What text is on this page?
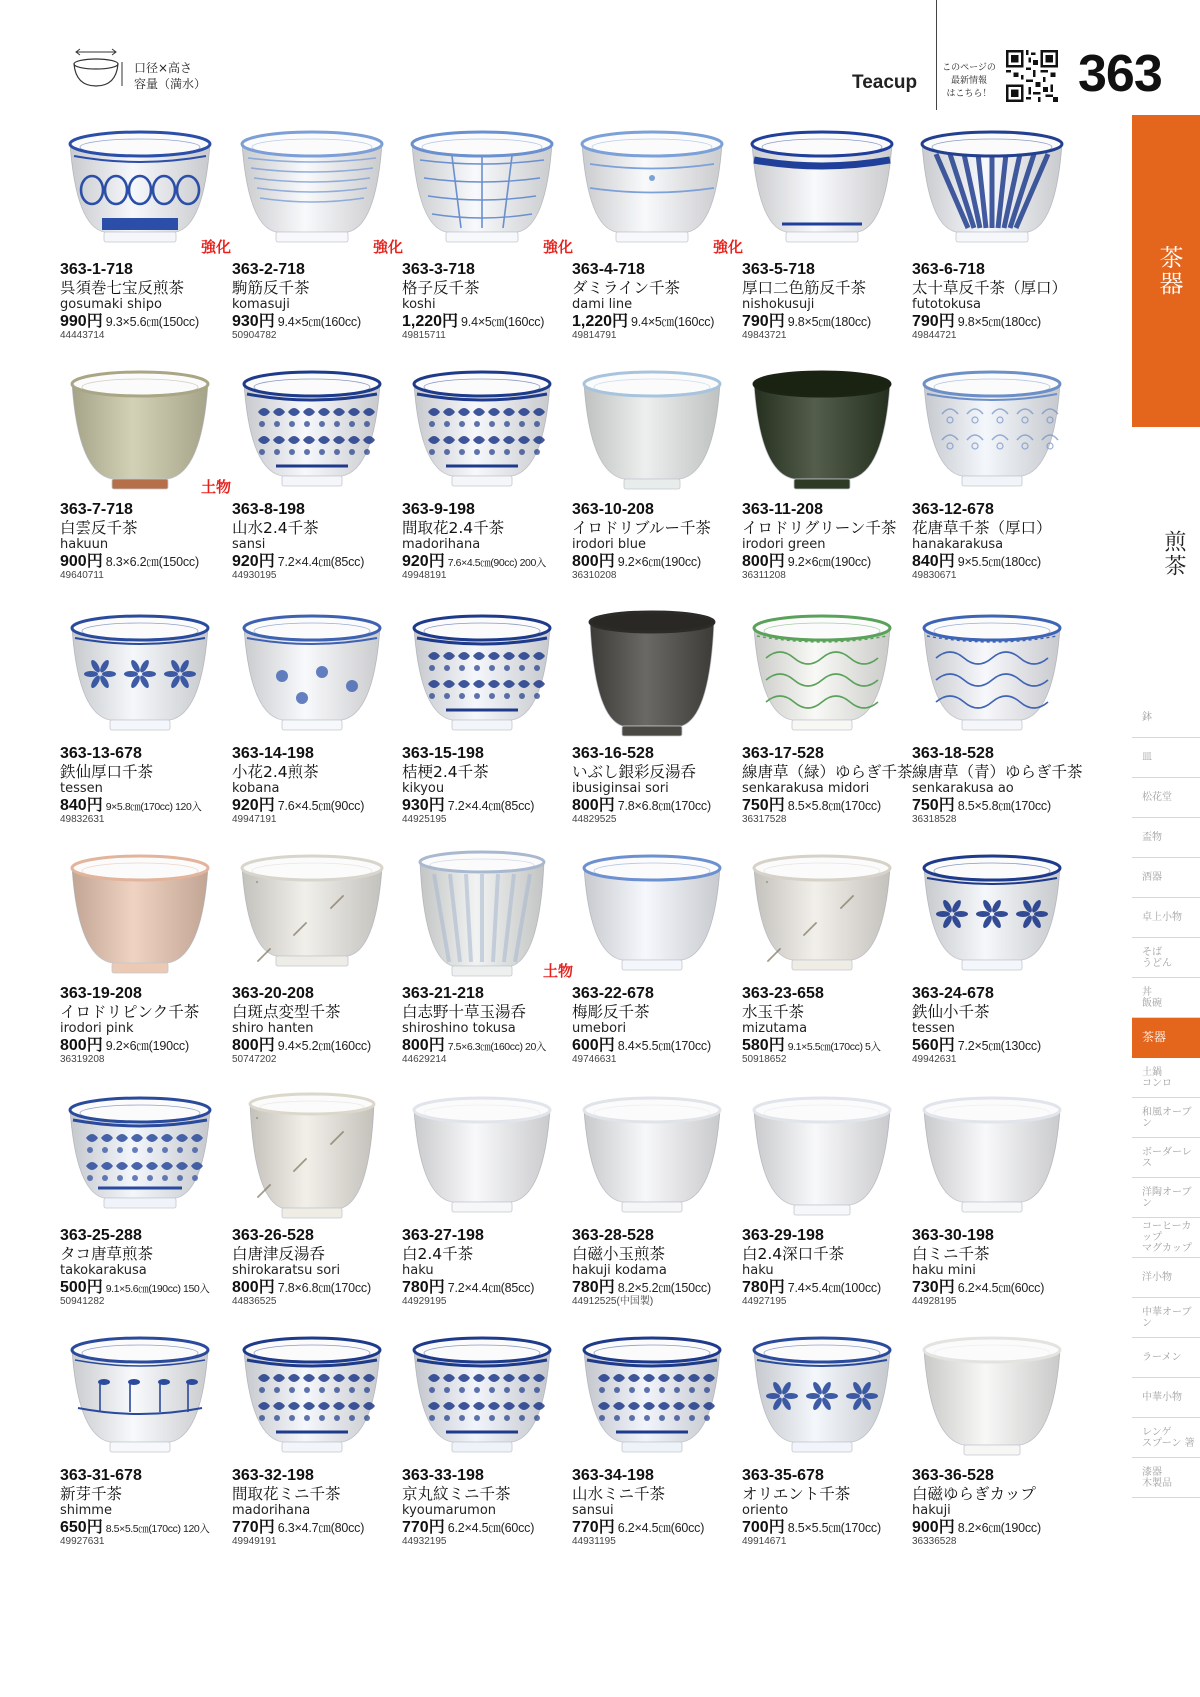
口径×高さ
容量（満水）	Teacup
このページの
最新情報
はこちら！ 363
茶器
煎茶
鉢
皿
松花堂
盃物
酒器
卓上小物
そば
うどん
丼
飯碗
茶器
土鍋
コンロ
和風オーブン
ボーダーレス
洋陶オーブン
コーヒーカップ
マグカップ
洋小物
中華オーブン
ラーメン
中華小物
レンゲ
スプーン 箸
漆器
木製品
強化
363-1-718
呉須巻七宝反煎茶
gosumaki shipo
990円 9.3×5.6㎝(150cc)
44443714
強化
363-2-718
駒筋反千茶
komasuji
930円 9.4×5㎝(160cc)
50904782
強化
363-3-718
格子反千茶
koshi
1,220円 9.4×5㎝(160cc)
49815711
強化
363-4-718
ダミライン千茶
dami line
1,220円 9.4×5㎝(160cc)
49814791
363-5-718
厚口二色筋反千茶
nishokusuji
790円 9.8×5㎝(180cc)
49843721
363-6-718
太十草反千茶（厚口）
futotokusa
790円 9.8×5㎝(180cc)
49844721
土物
363-7-718
白雲反千茶
hakuun
900円 8.3×6.2㎝(150cc)
49640711
363-8-198
山水2.4千茶
sansi
920円 7.2×4.4㎝(85cc)
44930195
363-9-198
間取花2.4千茶
madorihana
920円 7.6×4.5㎝(90cc) 200入
49948191
363-10-208
イロドリブルー千茶
irodori blue
800円 9.2×6㎝(190cc)
36310208
363-11-208
イロドリグリーン千茶
irodori green
800円 9.2×6㎝(190cc)
36311208
363-12-678
花唐草千茶（厚口）
hanakarakusa
840円 9×5.5㎝(180cc)
49830671
363-13-678
鉄仙厚口千茶
tessen
840円 9×5.8㎝(170cc) 120入
49832631
363-14-198
小花2.4煎茶
kobana
920円 7.6×4.5㎝(90cc)
49947191
363-15-198
桔梗2.4千茶
kikyou
930円 7.2×4.4㎝(85cc)
44925195
363-16-528
いぶし銀彩反湯呑
ibusiginsai sori
800円 7.8×6.8㎝(170cc)
44829525
363-17-528
線唐草（緑）ゆらぎ千茶
senkarakusa midori
750円 8.5×5.8㎝(170cc)
36317528
363-18-528
線唐草（青）ゆらぎ千茶
senkarakusa ao
750円 8.5×5.8㎝(170cc)
36318528
363-19-208
イロドリピンク千茶
irodori pink
800円 9.2×6㎝(190cc)
36319208
363-20-208
白斑点変型千茶
shiro hanten
800円 9.4×5.2㎝(160cc)
50747202
土物
363-21-218
白志野十草玉湯呑
shiroshino tokusa
800円 7.5×6.3㎝(160cc) 20入
44629214
363-22-678
梅彫反千茶
umebori
600円 8.4×5.5㎝(170cc)
49746631
363-23-658
水玉千茶
mizutama
580円 9.1×5.5㎝(170cc) 5入
50918652
363-24-678
鉄仙小千茶
tessen
560円 7.2×5㎝(130cc)
49942631
363-25-288
タコ唐草煎茶
takokarakusa
500円 9.1×5.6㎝(190cc) 150入
50941282
363-26-528
白唐津反湯呑
shirokaratsu sori
800円 7.8×6.8㎝(170cc)
44836525
363-27-198
白2.4千茶
haku
780円 7.2×4.4㎝(85cc)
44929195
363-28-528
白磁小玉煎茶
hakuji kodama
780円 8.2×5.2㎝(150cc)
44912525(中国製)
363-29-198
白2.4深口千茶
haku
780円 7.4×5.4㎝(100cc)
44927195
363-30-198
白ミニ千茶
haku mini
730円 6.2×4.5㎝(60cc)
44928195
363-31-678
新芽千茶
shimme
650円 8.5×5.5㎝(170cc) 120入
49927631
363-32-198
間取花ミニ千茶
madorihana
770円 6.3×4.7㎝(80cc)
49949191
363-33-198
京丸紋ミニ千茶
kyoumarumon
770円 6.2×4.5㎝(60cc)
44932195
363-34-198
山水ミニ千茶
sansui
770円 6.2×4.5㎝(60cc)
44931195
363-35-678
オリエント千茶
oriento
700円 8.5×5.5㎝(170cc)
49914671
363-36-528
白磁ゆらぎカップ
hakuji
900円 8.2×6㎝(190cc)
36336528
